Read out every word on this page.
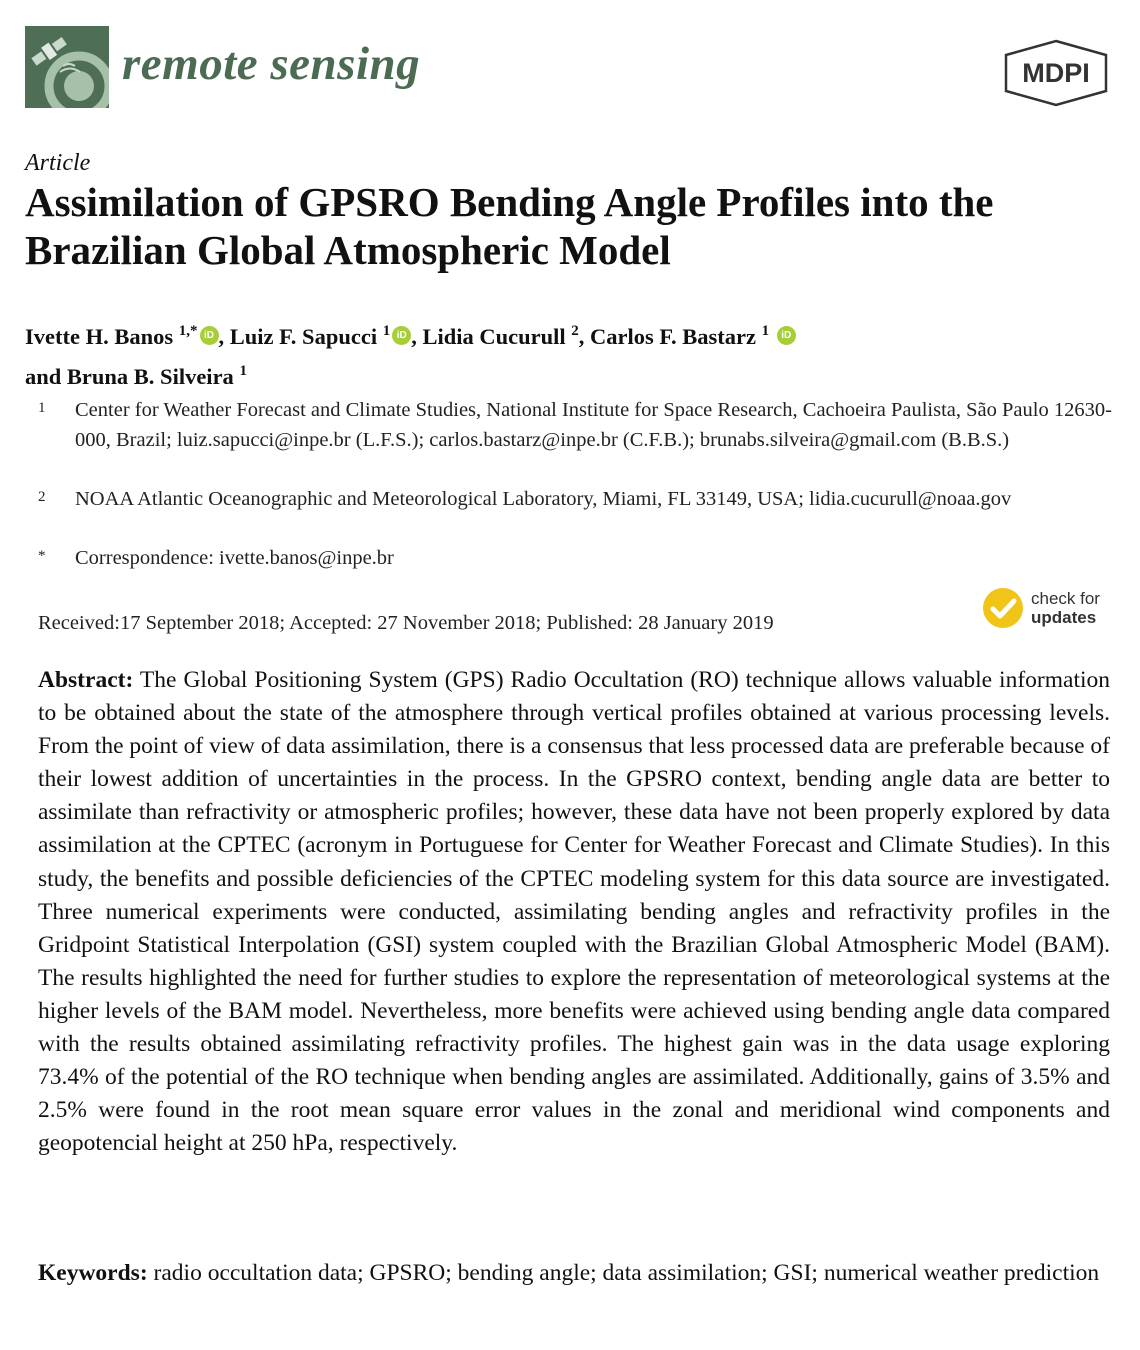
remote sensing	MDPI
Article
Assimilation of GPSRO Bending Angle Profiles into the Brazilian Global Atmospheric Model
Ivette H. Banos $^{1,*}$ iD , Luiz F. Sapucci $^1$ iD , Lidia Cucurull $^2$, Carlos F. Bastarz $^1$ iD
and Bruna B. Silveira $^1$
1 Center for Weather Forecast and Climate Studies, National Institute for Space Research, Cachoeira Paulista, São Paulo 12630-000, Brazil; luiz.sapucci@inpe.br (L.F.S.); carlos.bastarz@inpe.br (C.F.B.); brunabs.silveira@gmail.com (B.B.S.)
2 NOAA Atlantic Oceanographic and Meteorological Laboratory, Miami, FL 33149, USA; lidia.cucurull@noaa.gov
* Correspondence: ivette.banos@inpe.br
Received:17 September 2018; Accepted: 27 November 2018; Published: 28 January 2019
check for
updates
Abstract: The Global Positioning System (GPS) Radio Occultation (RO) technique allows valuable information to be obtained about the state of the atmosphere through vertical profiles obtained at various processing levels. From the point of view of data assimilation, there is a consensus that less processed data are preferable because of their lowest addition of uncertainties in the process. In the GPSRO context, bending angle data are better to assimilate than refractivity or atmospheric profiles; however, these data have not been properly explored by data assimilation at the CPTEC (acronym in Portuguese for Center for Weather Forecast and Climate Studies). In this study, the benefits and possible deficiencies of the CPTEC modeling system for this data source are investigated. Three numerical experiments were conducted, assimilating bending angles and refractivity profiles in the Gridpoint Statistical Interpolation (GSI) system coupled with the Brazilian Global Atmospheric Model (BAM). The results highlighted the need for further studies to explore the representation of meteorological systems at the higher levels of the BAM model. Nevertheless, more benefits were achieved using bending angle data compared with the results obtained assimilating refractivity profiles. The highest gain was in the data usage exploring 73.4% of the potential of the RO technique when bending angles are assimilated. Additionally, gains of 3.5% and 2.5% were found in the root mean square error values in the zonal and meridional wind components and geopotencial height at 250 hPa, respectively.
Keywords: radio occultation data; GPSRO; bending angle; data assimilation; GSI; numerical weather prediction
